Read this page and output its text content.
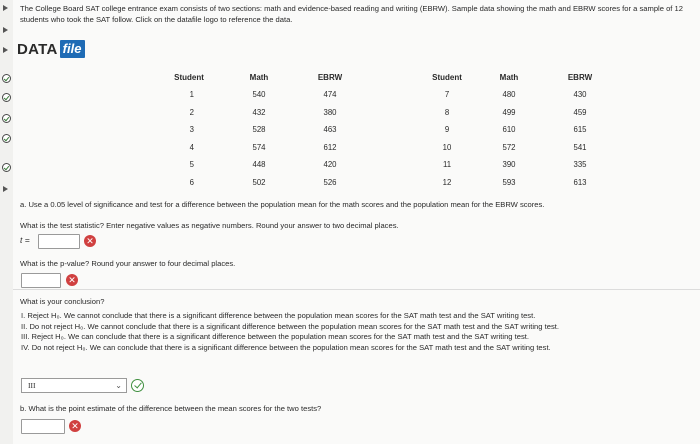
The College Board SAT college entrance exam consists of two sections: math and evidence-based reading and writing (EBRW). Sample data showing the math and EBRW scores for a sample of 12 students who took the SAT follow. Click on the datafile logo to reference the data.
DATA file
Student	Math	EBRW		Student	Math	EBRW
1	540	474		7	480	430
2	432	380		8	499	459
3	528	463		9	610	615
4	574	612		10	572	541
5	448	420		11	390	335
6	502	526		12	593	613
a. Use a 0.05 level of significance and test for a difference between the population mean for the math scores and the population mean for the EBRW scores.
What is the test statistic? Enter negative values as negative numbers. Round your answer to two decimal places.
t =	✕
What is the p-value? Round your answer to four decimal places.
✕
What is your conclusion?
I. Reject H₀. We cannot conclude that there is a significant difference between the population mean scores for the SAT math test and the SAT writing test.
II. Do not reject H₀. We cannot conclude that there is a significant difference between the population mean scores for the SAT math test and the SAT writing test.
III. Reject H₀. We can conclude that there is a significant difference between the population mean scores for the SAT math test and the SAT writing test.
IV. Do not reject H₀. We can conclude that there is a significant difference between the population mean scores for the SAT math test and the SAT writing test.
III	⌄
b. What is the point estimate of the difference between the mean scores for the two tests?
✕
